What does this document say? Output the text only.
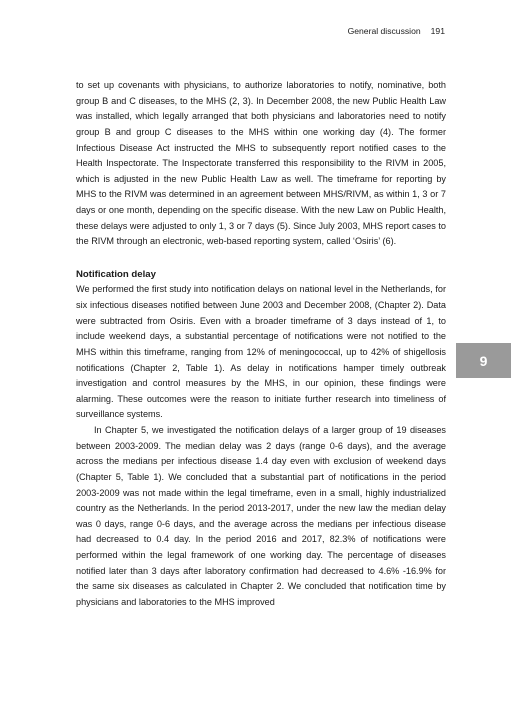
General discussion 191

to set up covenants with physicians, to authorize laboratories to notify, nominative, both group B and C diseases, to the MHS (2, 3). In December 2008, the new Public Health Law was installed, which legally arranged that both physicians and laboratories need to notify group B and group C diseases to the MHS within one working day (4). The former Infectious Disease Act instructed the MHS to subsequently report notified cases to the Health Inspectorate. The Inspectorate transferred this responsibility to the RIVM in 2005, which is adjusted in the new Public Health Law as well. The timeframe for reporting by MHS to the RIVM was determined in an agreement between MHS/RIVM, as within 1, 3 or 7 days or one month, depending on the specific disease. With the new Law on Public Health, these delays were adjusted to only 1, 3 or 7 days (5). Since July 2003, MHS report cases to the RIVM through an electronic, web-based reporting system, called ‘Osiris’ (6).

Notification delay

We performed the first study into notification delays on national level in the Netherlands, for six infectious diseases notified between June 2003 and December 2008, (Chapter 2). Data were subtracted from Osiris. Even with a broader timeframe of 3 days instead of 1, to include weekend days, a substantial percentage of notifications were not notified to the MHS within this timeframe, ranging from 12% of meningococcal, up to 42% of shigellosis notifications (Chapter 2, Table 1). As delay in notifications hamper timely outbreak investigation and control measures by the MHS, in our opinion, these findings were alarming. These outcomes were the reason to initiate further research into timeliness of surveillance systems.

In Chapter 5, we investigated the notification delays of a larger group of 19 diseases between 2003-2009. The median delay was 2 days (range 0-6 days), and the average across the medians per infectious disease 1.4 day even with exclusion of weekend days (Chapter 5, Table 1). We concluded that a substantial part of notifications in the period 2003-2009 was not made within the legal timeframe, even in a small, highly industrialized country as the Netherlands. In the period 2013-2017, under the new law the median delay was 0 days, range 0-6 days, and the average across the medians per infectious disease had decreased to 0.4 day. In the period 2016 and 2017, 82.3% of notifications were performed within the legal framework of one working day. The percentage of diseases notified later than 3 days after laboratory confirmation had decreased to 4.6% -16.9% for the same six diseases as calculated in Chapter 2. We concluded that notification time by physicians and laboratories to the MHS improved

9
